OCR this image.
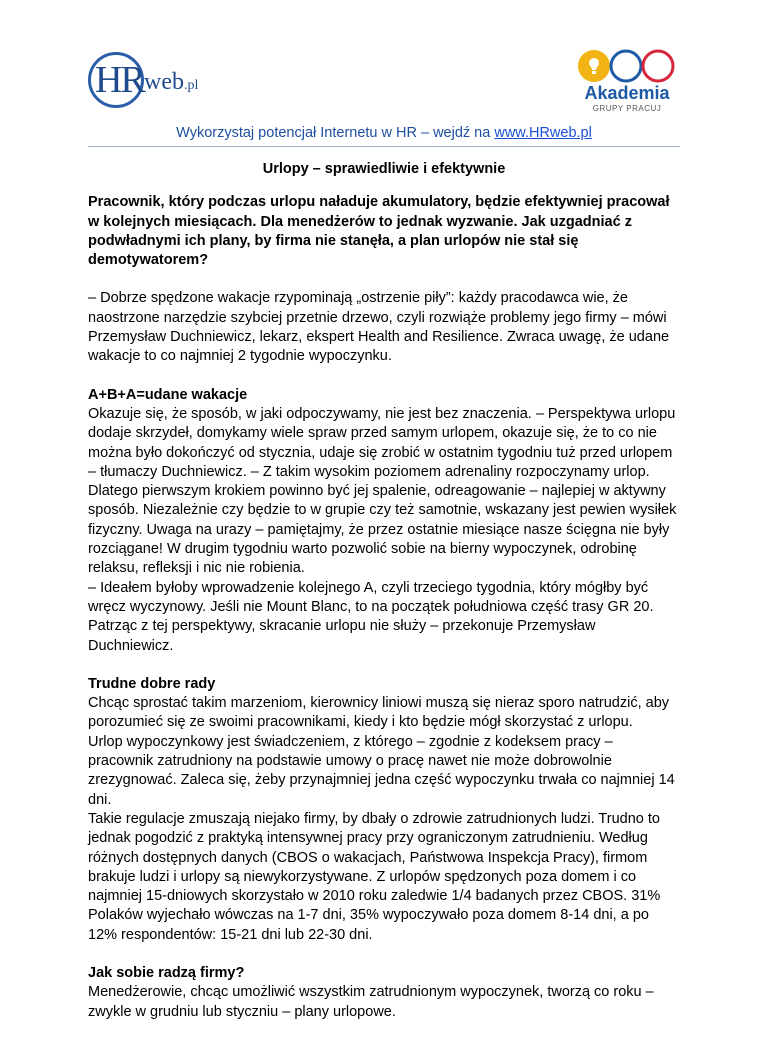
HR web.pl	Akademia
GRUPY PRACUJ
Wykorzystaj potencjał Internetu w HR – wejdź na www.HRweb.pl

Urlopy – sprawiedliwie i efektywnie

Pracownik, który podczas urlopu naładuje akumulatory, będzie efektywniej pracował w kolejnych miesiącach. Dla menedżerów to jednak wyzwanie. Jak uzgadniać z podwładnymi ich plany, by firma nie stanęła, a plan urlopów nie stał się demotywatorem?

– Dobrze spędzone wakacje rzypominają „ostrzenie piły”: każdy pracodawca wie, że naostrzone narzędzie szybciej przetnie drzewo, czyli rozwiąże problemy jego firmy – mówi Przemysław Duchniewicz, lekarz, ekspert Health and Resilience. Zwraca uwagę, że udane wakacje to co najmniej 2 tygodnie wypoczynku.

A+B+A=udane wakacje
Okazuje się, że sposób, w jaki odpoczywamy, nie jest bez znaczenia. – Perspektywa urlopu dodaje skrzydeł, domykamy wiele spraw przed samym urlopem, okazuje się, że to co nie można było dokończyć od stycznia, udaje się zrobić w ostatnim tygodniu tuż przed urlopem – tłumaczy Duchniewicz. – Z takim wysokim poziomem adrenaliny rozpoczynamy urlop. Dlatego pierwszym krokiem powinno być jej spalenie, odreagowanie – najlepiej w aktywny sposób. Niezależnie czy będzie to w grupie czy też samotnie, wskazany jest pewien wysiłek fizyczny. Uwaga na urazy – pamiętajmy, że przez ostatnie miesiące nasze ścięgna nie były rozciągane! W drugim tygodniu warto pozwolić sobie na bierny wypoczynek, odrobinę relaksu, refleksji i nic nie robienia.
– Ideałem byłoby wprowadzenie kolejnego A, czyli trzeciego tygodnia, który mógłby być wręcz wyczynowy. Jeśli nie Mount Blanc, to na początek południowa część trasy GR 20. Patrząc z tej perspektywy, skracanie urlopu nie służy – przekonuje Przemysław Duchniewicz.
Trudne dobre rady
Chcąc sprostać takim marzeniom, kierownicy liniowi muszą się nieraz sporo natrudzić, aby porozumieć się ze swoimi pracownikami, kiedy i kto będzie mógł skorzystać z urlopu.
Urlop wypoczynkowy jest świadczeniem, z którego – zgodnie z kodeksem pracy – pracownik zatrudniony na podstawie umowy o pracę nawet nie może dobrowolnie zrezygnować. Zaleca się, żeby przynajmniej jedna część wypoczynku trwała co najmniej 14 dni.
Takie regulacje zmuszają niejako firmy, by dbały o zdrowie zatrudnionych ludzi. Trudno to jednak pogodzić z praktyką intensywnej pracy przy ograniczonym zatrudnieniu. Według różnych dostępnych danych (CBOS o wakacjach, Państwowa Inspekcja Pracy), firmom brakuje ludzi i urlopy są niewykorzystywane. Z urlopów spędzonych poza domem i co najmniej 15-dniowych skorzystało w 2010 roku zaledwie 1/4 badanych przez CBOS. 31% Polaków wyjechało wówczas na 1-7 dni, 35% wypoczywało poza domem 8-14 dni, a po 12% respondentów: 15-21 dni lub 22-30 dni.
Jak sobie radzą firmy?
Menedżerowie, chcąc umożliwić wszystkim zatrudnionym wypoczynek, tworzą co roku – zwykle w grudniu lub styczniu – plany urlopowe.
